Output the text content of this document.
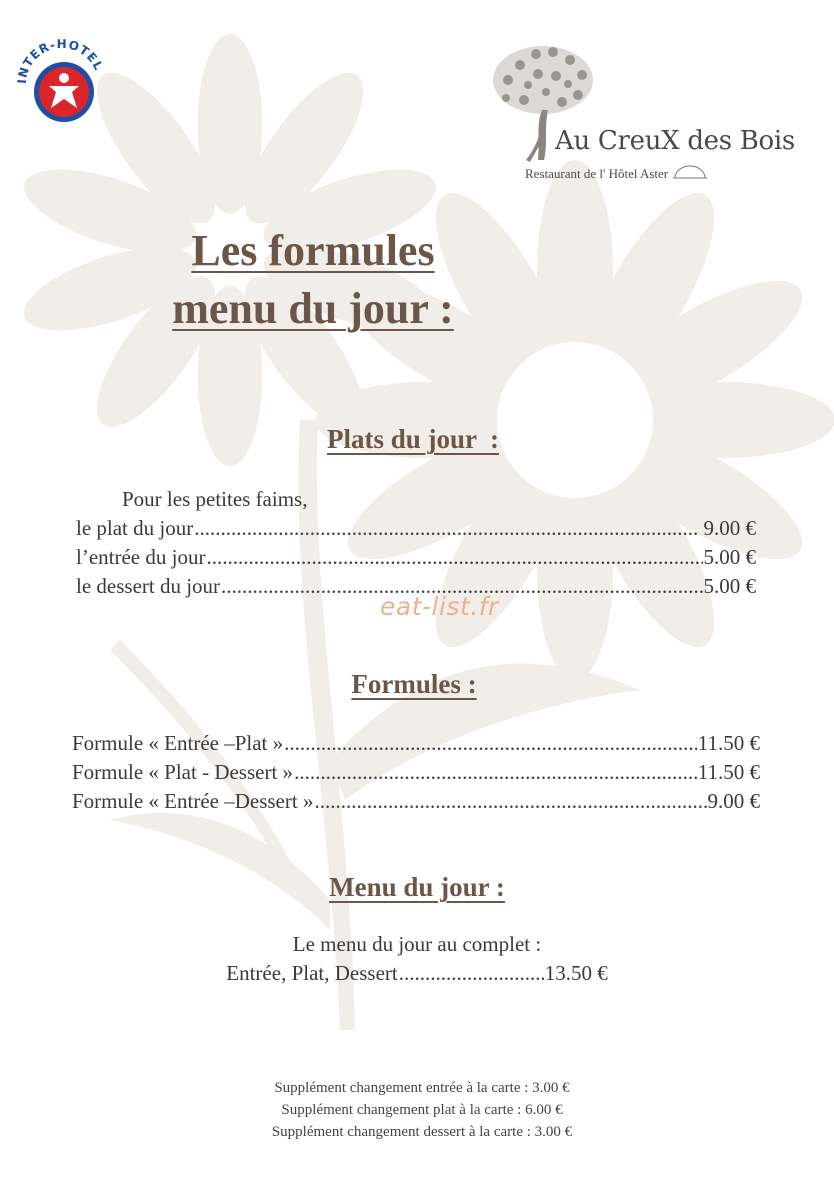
INTER-HOTEL
Au CreuX des Bois
Restaurant de l' Hôtel Aster
Les formules
menu du jour :
Plats du jour  :
Pour les petites faims,
le plat du jour .....	9.00 €
l’entrée du jour .....	5.00 €
le dessert du jour .....	5.00 €
eat-list.fr
Formules :
Formule « Entrée –Plat » .....	11.50 €
Formule « Plat - Dessert » .....	11.50 €
Formule « Entrée –Dessert » .....	9.00 €
Menu du jour :
Le menu du jour au complet :
Entrée, Plat, Dessert .....	13.50 €
Supplément changement entrée à la carte : 3.00 €
Supplément changement plat à la carte : 6.00 €
Supplément changement dessert à la carte : 3.00 €
